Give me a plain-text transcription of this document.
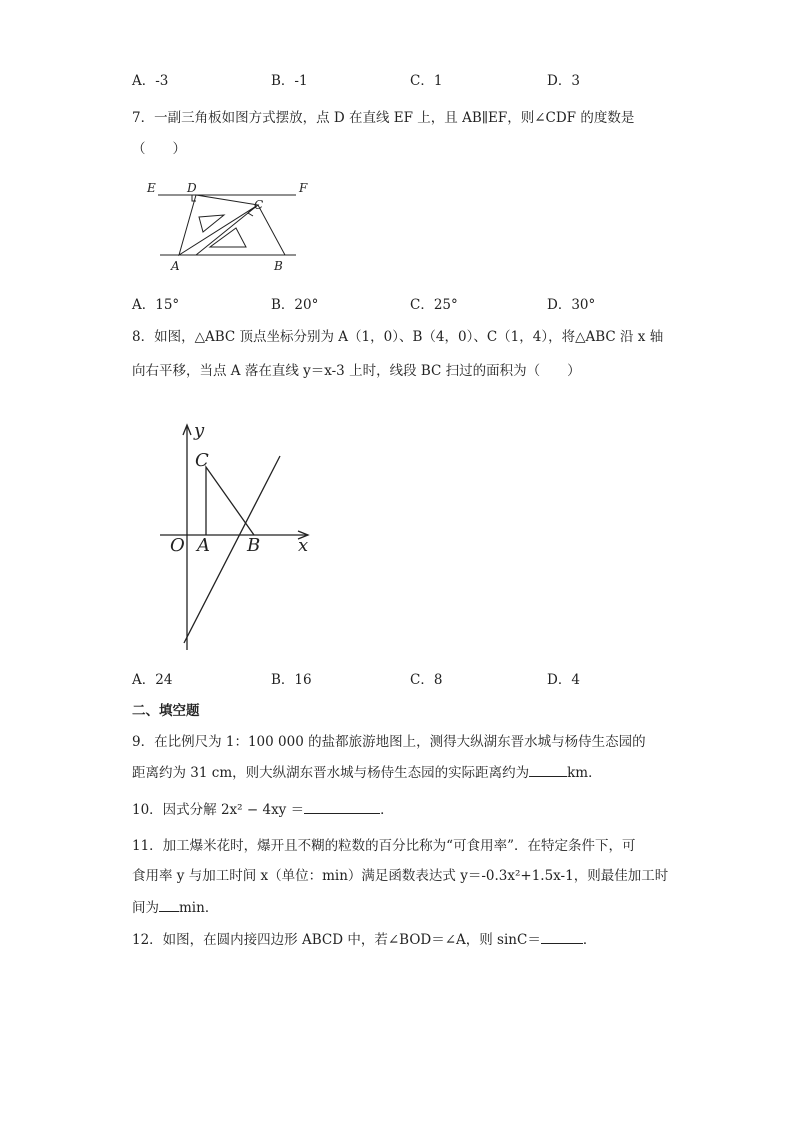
A．-3	B．-1	C．1	D．3
7．一副三角板如图方式摆放，点 D 在直线 EF 上，且 AB∥EF，则∠CDF 的度数是
（　　）
E	D
C
F
A	B
A．15°	B．20°	C．25°	D．30°
8．如图，△ABC 顶点坐标分别为 A（1，0）、B（4，0）、C（1，4），将△ABC 沿 x 轴
向右平移，当点 A 落在直线 y＝x-3 上时，线段 BC 扫过的面积为（　　）
y
x
O A B
C
A．24	B．16	C．8	D．4
二、填空题
9．在比例尺为 1：100 000 的盐都旅游地图上，测得大纵湖东晋水城与杨侍生态园的
距离约为 31 cm，则大纵湖东晋水城与杨侍生态园的实际距离约为	km．
10．因式分解 2x² − 4xy ＝	．
11．加工爆米花时，爆开且不糊的粒数的百分比称为“可食用率”．在特定条件下，可
食用率 y 与加工时间 x（单位：min）满足函数表达式 y＝-0.3x²+1.5x-1，则最佳加工时
间为 min．
12．如图，在圆内接四边形 ABCD 中，若∠BOD＝∠A，则 sinC＝	．
